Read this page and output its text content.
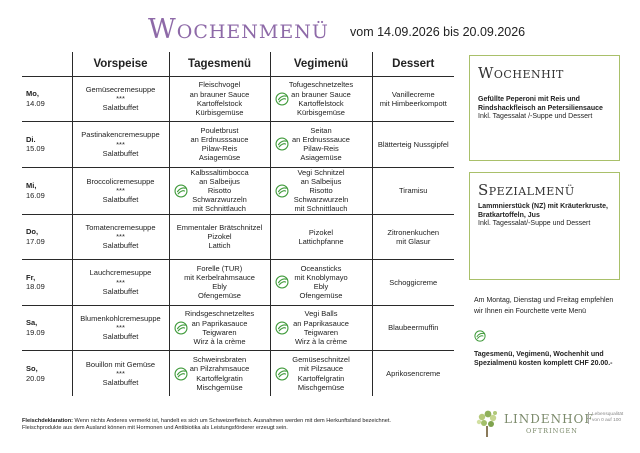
Wochenmenü vom 14.09.2026 bis 20.09.2026
	Vorspeise	Tagesmenü	Vegimenü	Dessert
Mo,
14.09	Gemüsecremesuppe
***
Salatbuffet	Fleischvogel
an brauner Sauce
Kartoffelstock
Kürbisgemüse	Tofugeschnetzeltes
an brauner Sauce
Kartoffelstock
Kürbisgemüse	Vanillecreme
mit Himbeerkompott
Di.
15.09	Pastinakencremesuppe
***
Salatbuffet	Pouletbrust
an Erdnusssauce
Pilaw-Reis
Asiagemüse	Seitan
an Erdnusssauce
Pilaw-Reis
Asiagemüse	Blätterteig Nussgipfel
Mi,
16.09	Broccolicremesuppe
***
Salatbuffet	Kalbssaltimbocca
an Salbeijus
Risotto
Schwarzwurzeln
mit Schnittlauch	Vegi Schnitzel
an Salbeijus
Risotto
Schwarzwurzeln
mit Schnittlauch	Tiramisu
Do,
17.09	Tomatencremesuppe
***
Salatbuffet	Emmentaler Brätschnitzel
Pizokel
Lattich	Pizokel
Lattichpfanne	Zitronenkuchen
mit Glasur
Fr,
18.09	Lauchcremesuppe
***
Salatbuffet	Forelle (TUR)
mit Kerbelrahmsauce
Ebly
Ofengemüse	Oceansticks
mit Knoblymayo
Ebly
Ofengemüse	Schoggicreme
Sa,
19.09	Blumenkohlcremesuppe
***
Salatbuffet	Rindsgeschnetzeltes
an Paprikasauce
Teigwaren
Wirz à la crème	Vegi Balls
an Paprikasauce
Teigwaren
Wirz à la crème	Blaubeermuffin
So,
20.09	Bouillon mit Gemüse
***
Salatbuffet	Schweinsbraten
an Pilzrahmsauce
Kartoffelgratin
Mischgemüse	Gemüseschnitzel
mit Pilzsauce
Kartoffelgratin
Mischgemüse	Aprikosencreme
Wochenhit
Gefüllte Peperoni mit Reis und Rindshackfleisch an Petersiliensauce
Inkl. Tagessalat /-Suppe und Dessert
Spezialmenü
Lammnierstück (NZ) mit Kräuterkruste, Bratkartoffeln, Jus
Inkl. Tagessalat/-Suppe und Dessert
Am Montag, Dienstag und Freitag empfehlen wir Ihnen ein Fourchette verte Menü
Tagesmenü, Vegimenü, Wochenhit und Spezialmenü kosten komplett CHF 20.00.-
Fleischdeklaration: Wenn nichts Anderes vermerkt ist, handelt es sich um Schweizerfleisch. Ausnahmen werden mit dem Herkunftsland bezeichnet.
Fleischprodukte aus dem Ausland können mit Hormonen und Antibiotika als Leistungsförderer erzeugt sein.
LINDENHOF
OFTRINGEN
Lebensqualität
von 0 auf 100
